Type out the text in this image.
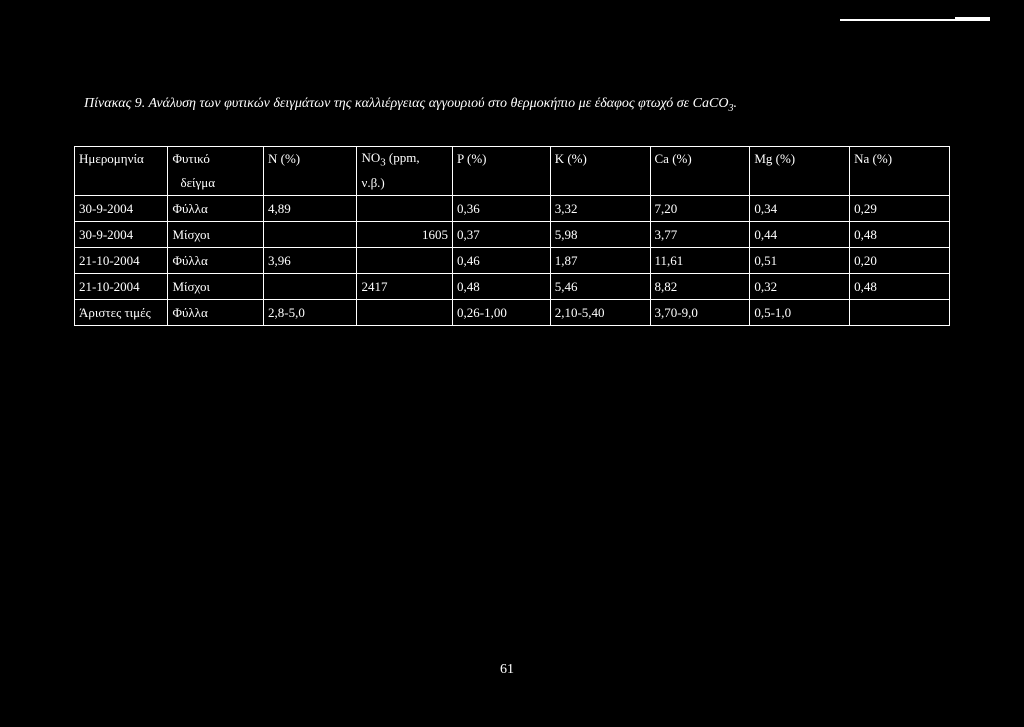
Πίνακας 9. Ανάλυση των φυτικών δειγμάτων της καλλιέργειας αγγουριού στο θερμοκήπιο με έδαφος φτωχό σε CaCO$_3$.
Ημερομηνία	Φυτικό	N (%)	$NO_3$ (ppm,	P (%)	K (%)	Ca (%)	Mg (%)	Na (%)
	δείγμα		ν.β.)					
30-9-2004	Φύλλα	4,89		0,36	3,32	7,20	0,34	0,29
30-9-2004	Μίσχοι		1605	0,37	5,98	3,77	0,44	0,48
21-10-2004	Φύλλα	3,96		0,46	1,87	11,61	0,51	0,20
21-10-2004	Μίσχοι		2417	0,48	5,46	8,82	0,32	0,48
Άριστες τιμές	Φύλλα	2,8-5,0		0,26-1,00	2,10-5,40	3,70-9,0	0,5-1,0	
61
